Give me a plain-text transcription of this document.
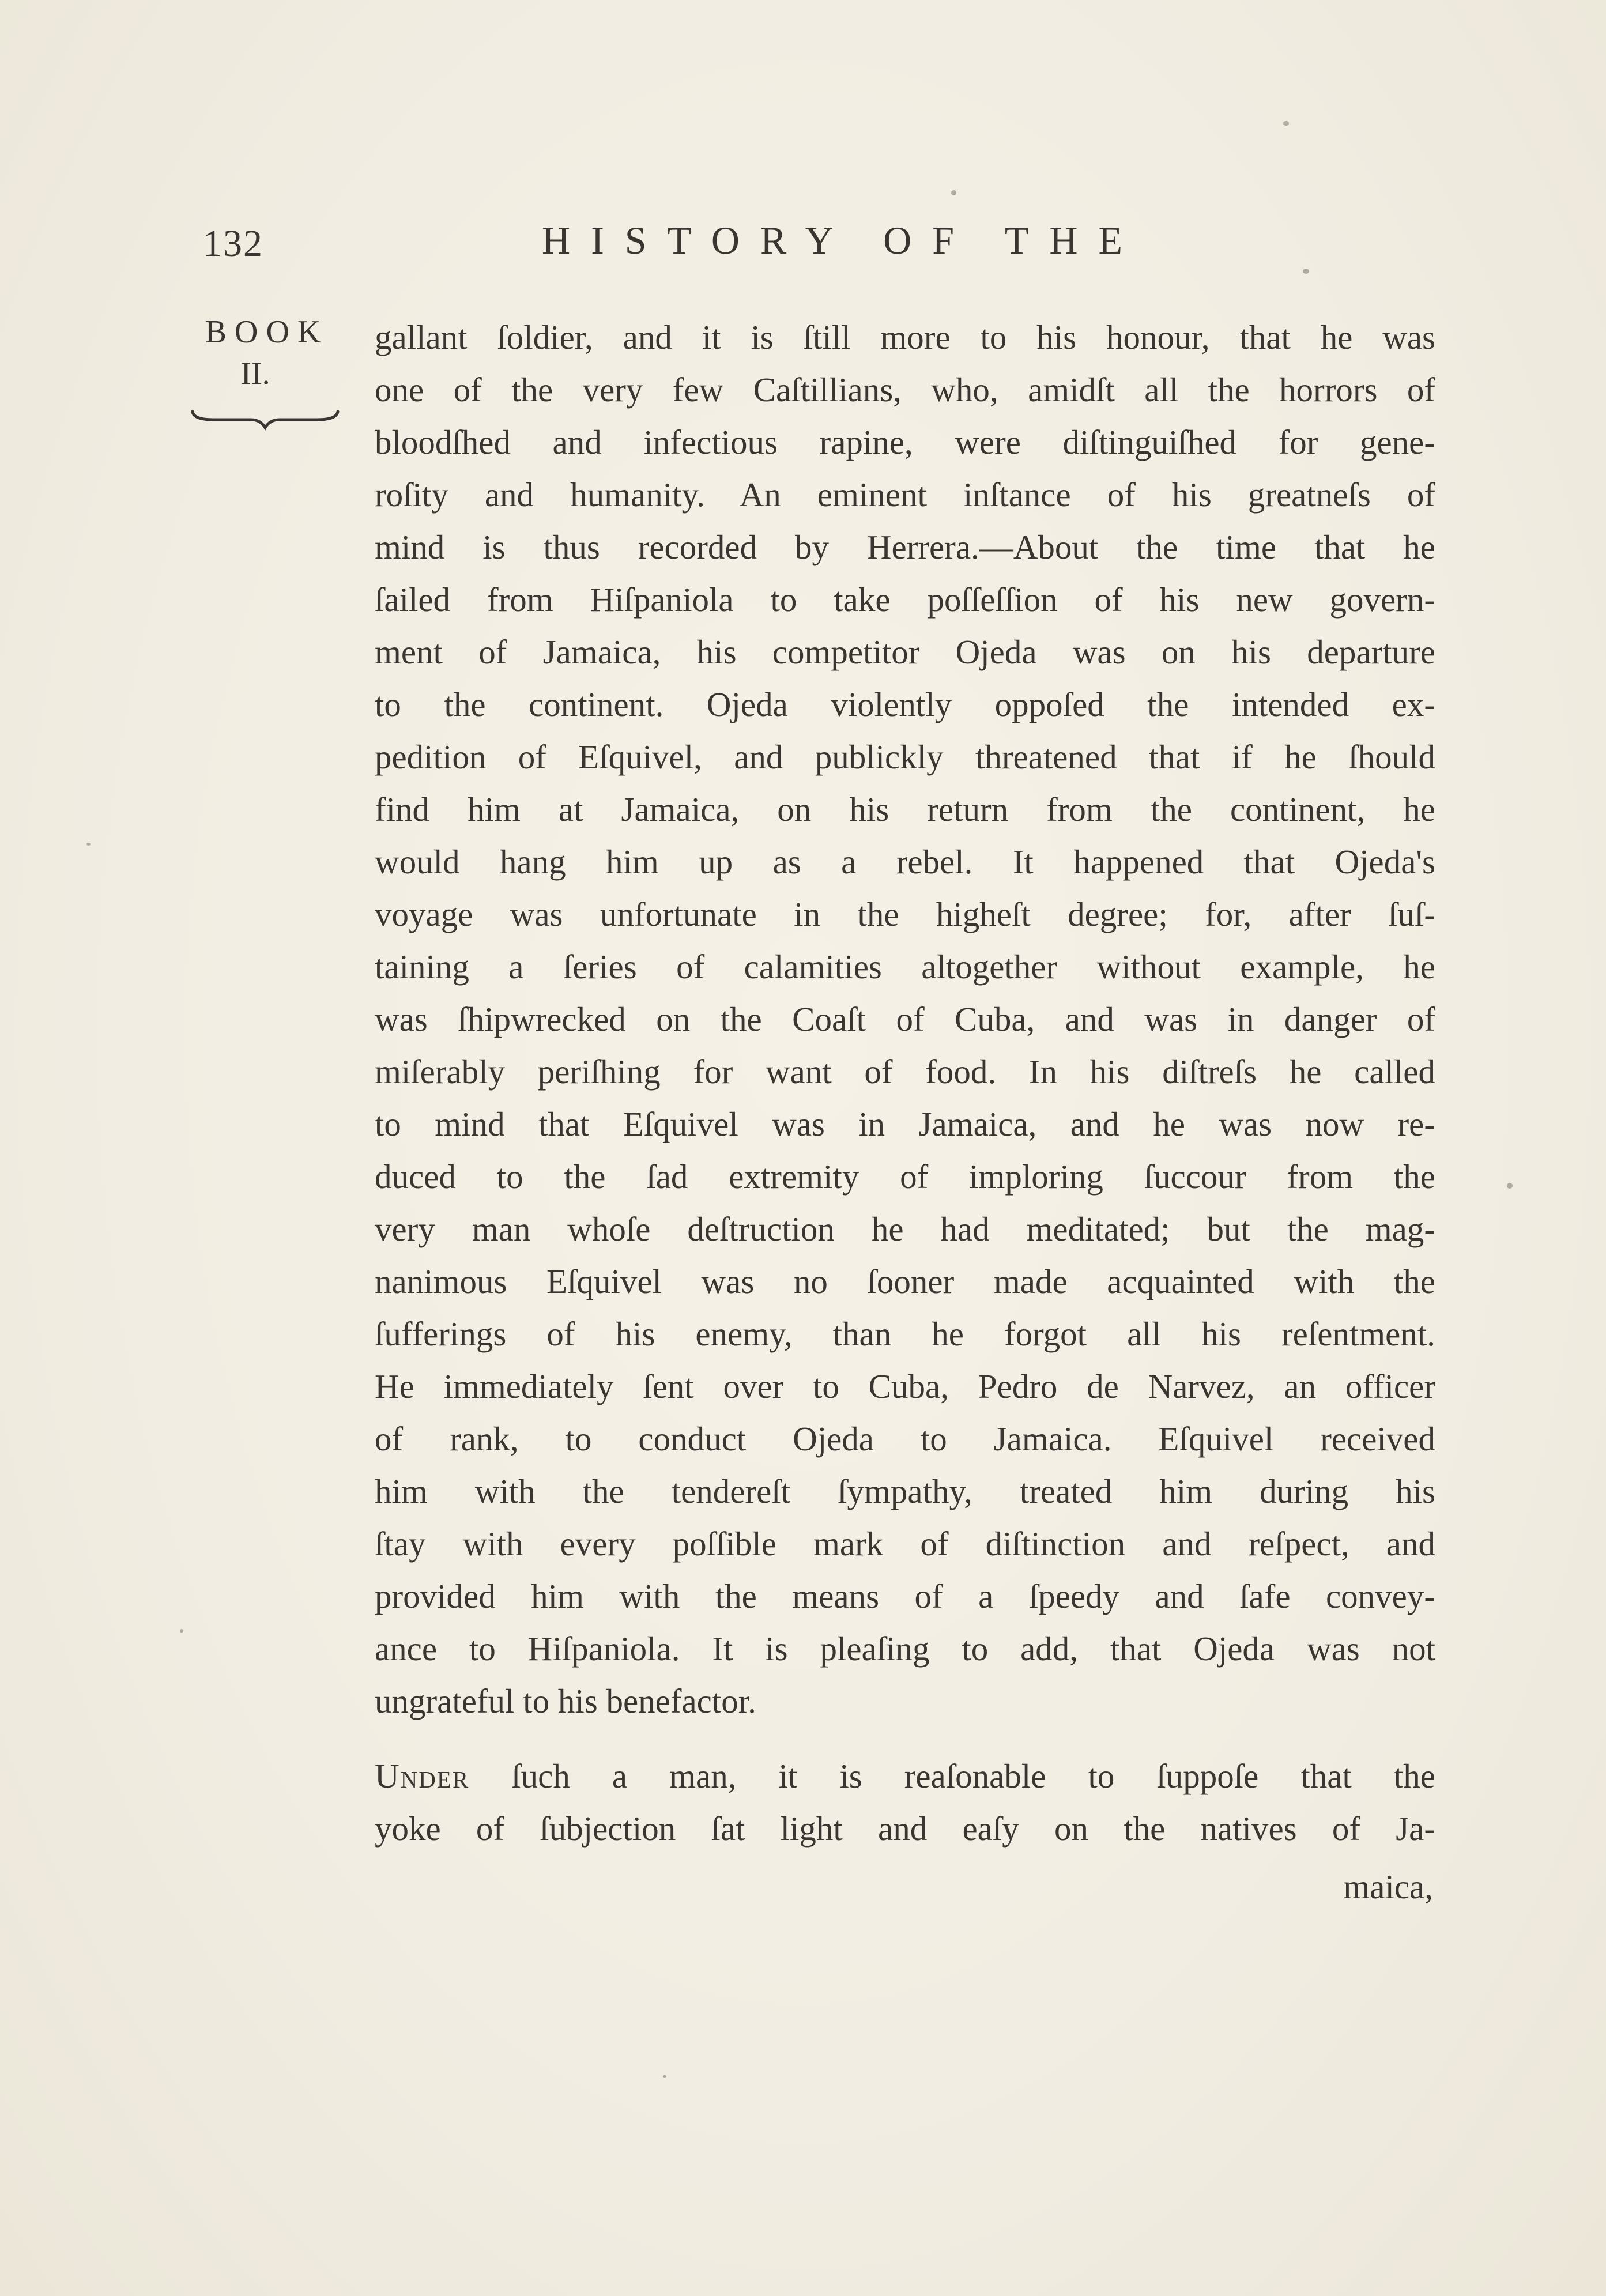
132	HISTORY OF THE
BOOK
II.
gallant ſoldier, and it is ſtill more to his honour, that he was
one of the very few Caſtillians, who, amidſt all the horrors of
bloodſhed and infectious rapine, were diſtinguiſhed for gene-
roſity and humanity. An eminent inſtance of his greatneſs of
mind is thus recorded by Herrera.—About the time that he
ſailed from Hiſpaniola to take poſſeſſion of his new govern-
ment of Jamaica, his competitor Ojeda was on his departure
to the continent. Ojeda violently oppoſed the intended ex-
pedition of Eſquivel, and publickly threatened that if he ſhould
find him at Jamaica, on his return from the continent, he
would hang him up as a rebel. It happened that Ojeda's
voyage was unfortunate in the higheſt degree; for, after ſuſ-
taining a ſeries of calamities altogether without example, he
was ſhipwrecked on the Coaſt of Cuba, and was in danger of
miſerably periſhing for want of food. In his diſtreſs he called
to mind that Eſquivel was in Jamaica, and he was now re-
duced to the ſad extremity of imploring ſuccour from the
very man whoſe deſtruction he had meditated; but the mag-
nanimous Eſquivel was no ſooner made acquainted with the
ſufferings of his enemy, than he forgot all his reſentment.
He immediately ſent over to Cuba, Pedro de Narvez, an officer
of rank, to conduct Ojeda to Jamaica. Eſquivel received
him with the tendereſt ſympathy, treated him during his
ſtay with every poſſible mark of diſtinction and reſpect, and
provided him with the means of a ſpeedy and ſafe convey-
ance to Hiſpaniola. It is pleaſing to add, that Ojeda was not
ungrateful to his benefactor.
Under ſuch a man, it is reaſonable to ſuppoſe that the
yoke of ſubjection ſat light and eaſy on the natives of Ja-
maica,
